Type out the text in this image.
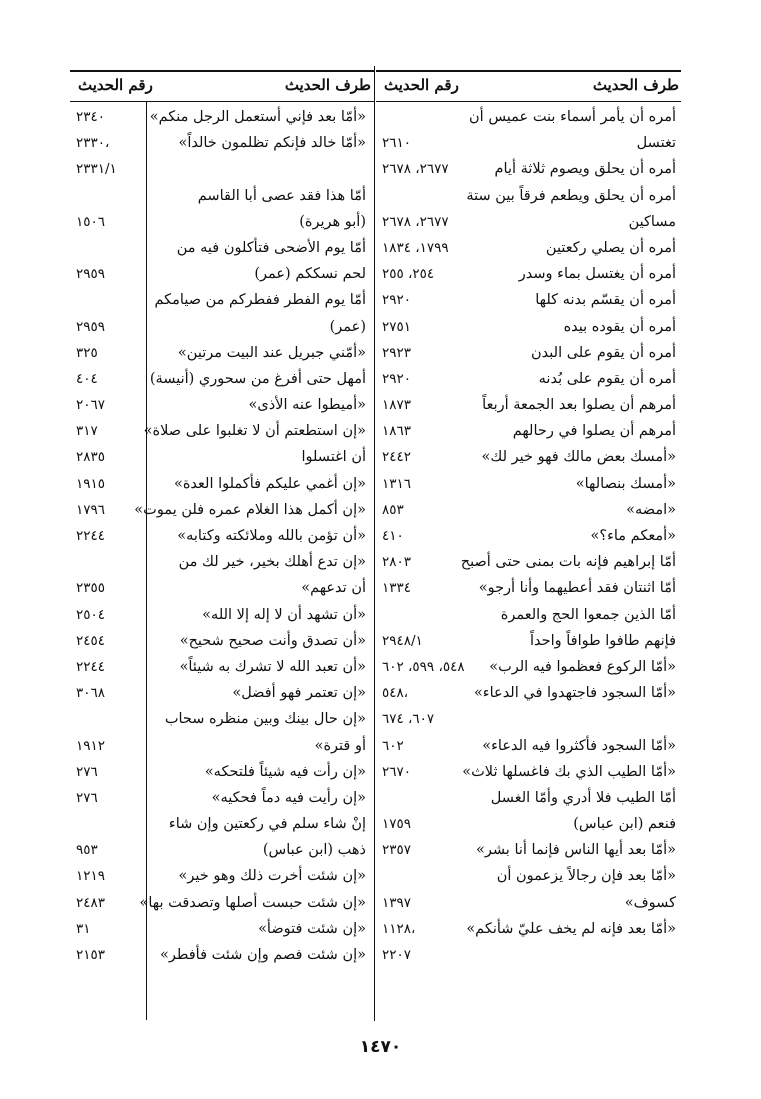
طرف الحديث
رقم الحديث
طرف الحديث
رقم الحديث
أمره أن يأمر أسماء بنت عميس أن
تغتسل
٢٦١٠
أمره أن يحلق ويصوم ثلاثة أيام
٢٦٧٧، ٢٦٧٨
أمره أن يحلق ويطعم فرقاً بين ستة
مساكين
٢٦٧٧، ٢٦٧٨
أمره أن يصلي ركعتين
١٧٩٩، ١٨٣٤
أمره أن يغتسل بماء وسدر
٢٥٤، ٢٥٥
أمره أن يقسّم بدنه كلها
٢٩٢٠
أمره أن يقوده بيده
٢٧٥١
أمره أن يقوم على البدن
٢٩٢٣
أمره أن يقوم على بُدنه
٢٩٢٠
أمرهم أن يصلوا بعد الجمعة أربعاً
١٨٧٣
أمرهم أن يصلوا في رحالهم
١٨٦٣
«أمسك بعض مالك فهو خير لك»
٢٤٤٢
«أمسك بنصالها»
١٣١٦
«امضه»
٨٥٣
«أمعكم ماء؟»
٤١٠
أمّا إبراهيم فإنه بات بمنى حتى أصبح
٢٨٠٣
أمّا اثنتان فقد أعطيهما وأنا أرجو»
١٣٣٤
أمّا الذين جمعوا الحج والعمرة
فإنهم طافوا طوافاً واحداً
٢٩٤٨/١
«أمّا الركوع فعظموا فيه الرب»
٥٤٨، ٥٩٩، ٦٠٢
«أمّا السجود فاجتهدوا في الدعاء»
٥٤٨،
٦٠٧، ٦٧٤
«أمّا السجود فأكثروا فيه الدعاء»
٦٠٢
«أمّا الطيب الذي بك فاغسلها ثلاث»
٢٦٧٠
أمّا الطيب فلا أدري وأمّا الغسل
فنعم (ابن عباس)
١٧٥٩
«أمّا بعد أيها الناس فإنما أنا بشر»
٢٣٥٧
«أمّا بعد فإن رجالاً يزعمون أن
كسوف»
١٣٩٧
«أمّا بعد فإنه لم يخف عليّ شأنكم»
١١٢٨،
٢٢٠٧
«أمّا بعد فإني أستعمل الرجل منكم»
٢٣٤٠
«أمّا خالد فإنكم تظلمون خالداً»
٢٣٣٠،
٢٣٣١/١
أمّا هذا فقد عصى أبا القاسم
(أبو هريرة)
١٥٠٦
أمّا يوم الأضحى فتأكلون فيه من
لحم نسككم (عمر)
٢٩٥٩
أمّا يوم الفطر ففطركم من صيامكم
(عمر)
٢٩٥٩
«أمّني جبريل عند البيت مرتين»
٣٢٥
أمهل حتى أفرغ من سحوري (أنيسة)
٤٠٤
«أميطوا عنه الأذى»
٢٠٦٧
«إن استطعتم أن لا تغلبوا على صلاة»
٣١٧
أن اغتسلوا
٢٨٣٥
«إن أغمي عليكم فأكملوا العدة»
١٩١٥
«إن أكمل هذا الغلام عمره فلن يموت»
١٧٩٦
«أن تؤمن بالله وملائكته وكتابه»
٢٢٤٤
«إن تدع أهلك بخير، خير لك من
أن تدعهم»
٢٣٥٥
«أن تشهد أن لا إله إلا الله»
٢٥٠٤
«أن تصدق وأنت صحيح شحيح»
٢٤٥٤
«أن تعبد الله لا تشرك به شيئاً»
٢٢٤٤
«إن تعتمر فهو أفضل»
٣٠٦٨
«إن حال بينك وبين منظره سحاب
أو قترة»
١٩١٢
«إن رأت فيه شيئاً فلتحكه»
٢٧٦
«إن رأيت فيه دماً فحكيه»
٢٧٦
إنْ شاء سلم في ركعتين وإن شاء
ذهب (ابن عباس)
٩٥٣
«إن شئت أخرت ذلك وهو خير»
١٢١٩
«إن شئت حبست أصلها وتصدقت بها»
٢٤٨٣
«إن شئت فتوضأ»
٣١
«إن شئت فصم وإن شئت فأفطر»
٢١٥٣
١٤٧٠
